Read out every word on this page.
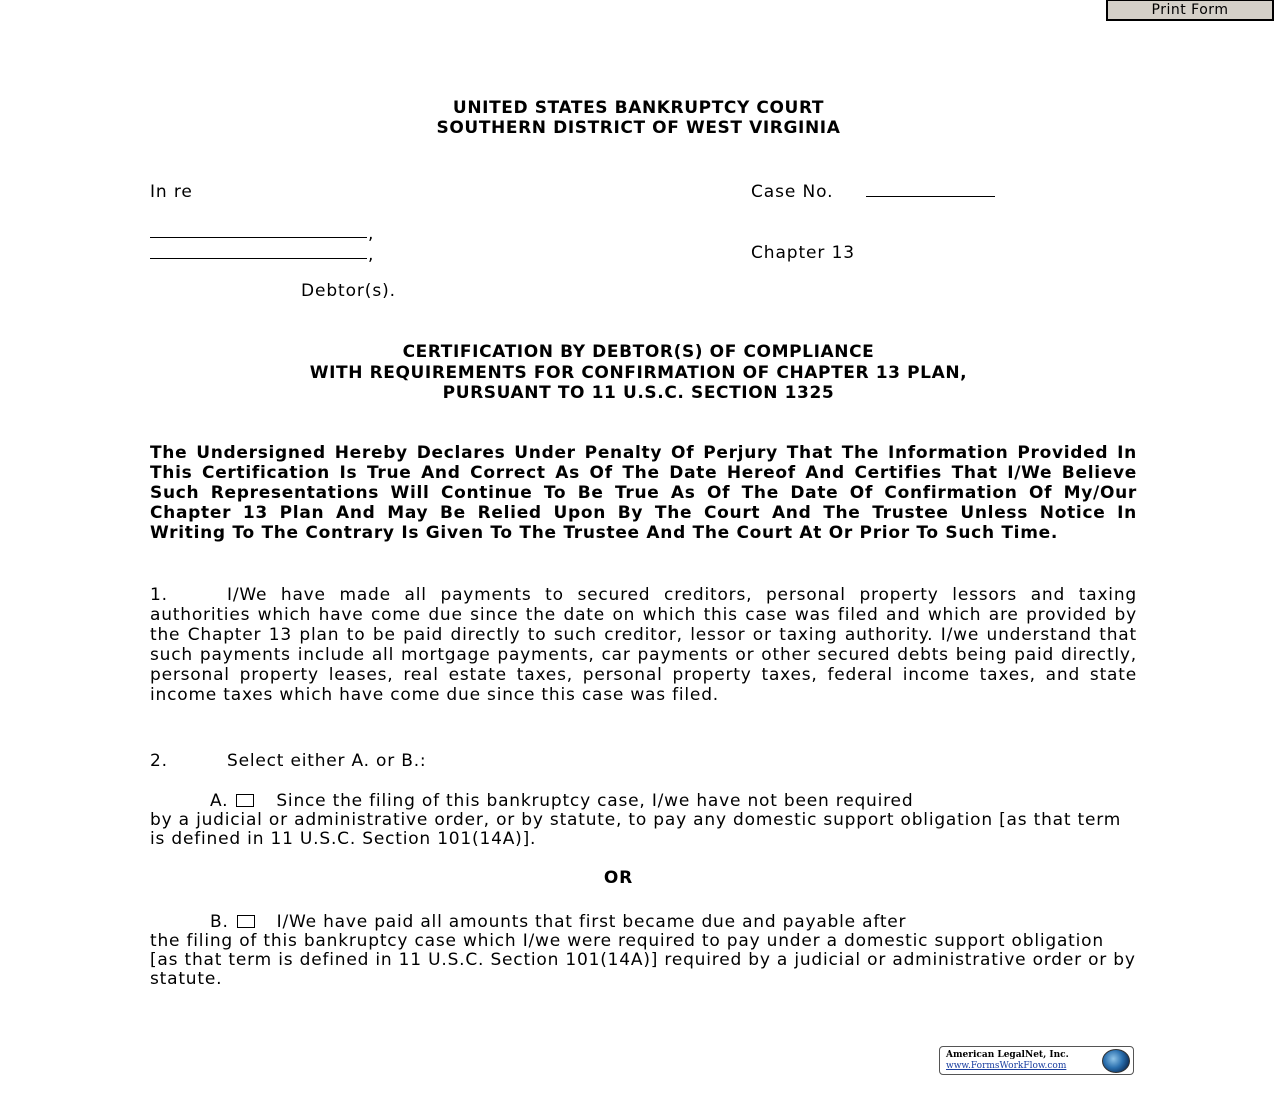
Print Form
UNITED STATES BANKRUPTCY COURT
SOUTHERN DISTRICT OF WEST VIRGINIA
In re	Case No.
,
,	Chapter 13
Debtor(s).
CERTIFICATION BY DEBTOR(S) OF COMPLIANCE
WITH REQUIREMENTS FOR CONFIRMATION OF CHAPTER 13 PLAN,
PURSUANT TO 11 U.S.C. SECTION 1325
The Undersigned Hereby Declares Under Penalty Of Perjury That The Information Provided In This Certification Is True And Correct As Of The Date Hereof And Certifies That I/We Believe Such Representations Will Continue To Be True As Of The Date Of Confirmation Of My/Our Chapter 13 Plan And May Be Relied Upon By The Court And The Trustee Unless Notice In Writing To The Contrary Is Given To The Trustee And The Court At Or Prior To Such Time.
1.	I/We have made all payments to secured creditors, personal property lessors and taxing authorities which have come due since the date on which this case was filed and which are provided by the Chapter 13 plan to be paid directly to such creditor, lessor or taxing authority. I/we understand that such payments include all mortgage payments, car payments or other secured debts being paid directly, personal property leases, real estate taxes, personal property taxes, federal income taxes, and state income taxes which have come due since this case was filed.
2.	Select either A. or B.:
A.	Since the filing of this bankruptcy case, I/we have not been required
by a judicial or administrative order, or by statute, to pay any domestic support obligation [as that term is defined in 11 U.S.C. Section 101(14A)].
OR
B.	I/We have paid all amounts that first became due and payable after
the filing of this bankruptcy case which I/we were required to pay under a domestic support obligation [as that term is defined in 11 U.S.C. Section 101(14A)] required by a judicial or administrative order or by statute.
American LegalNet, Inc.
www.FormsWorkFlow.com
